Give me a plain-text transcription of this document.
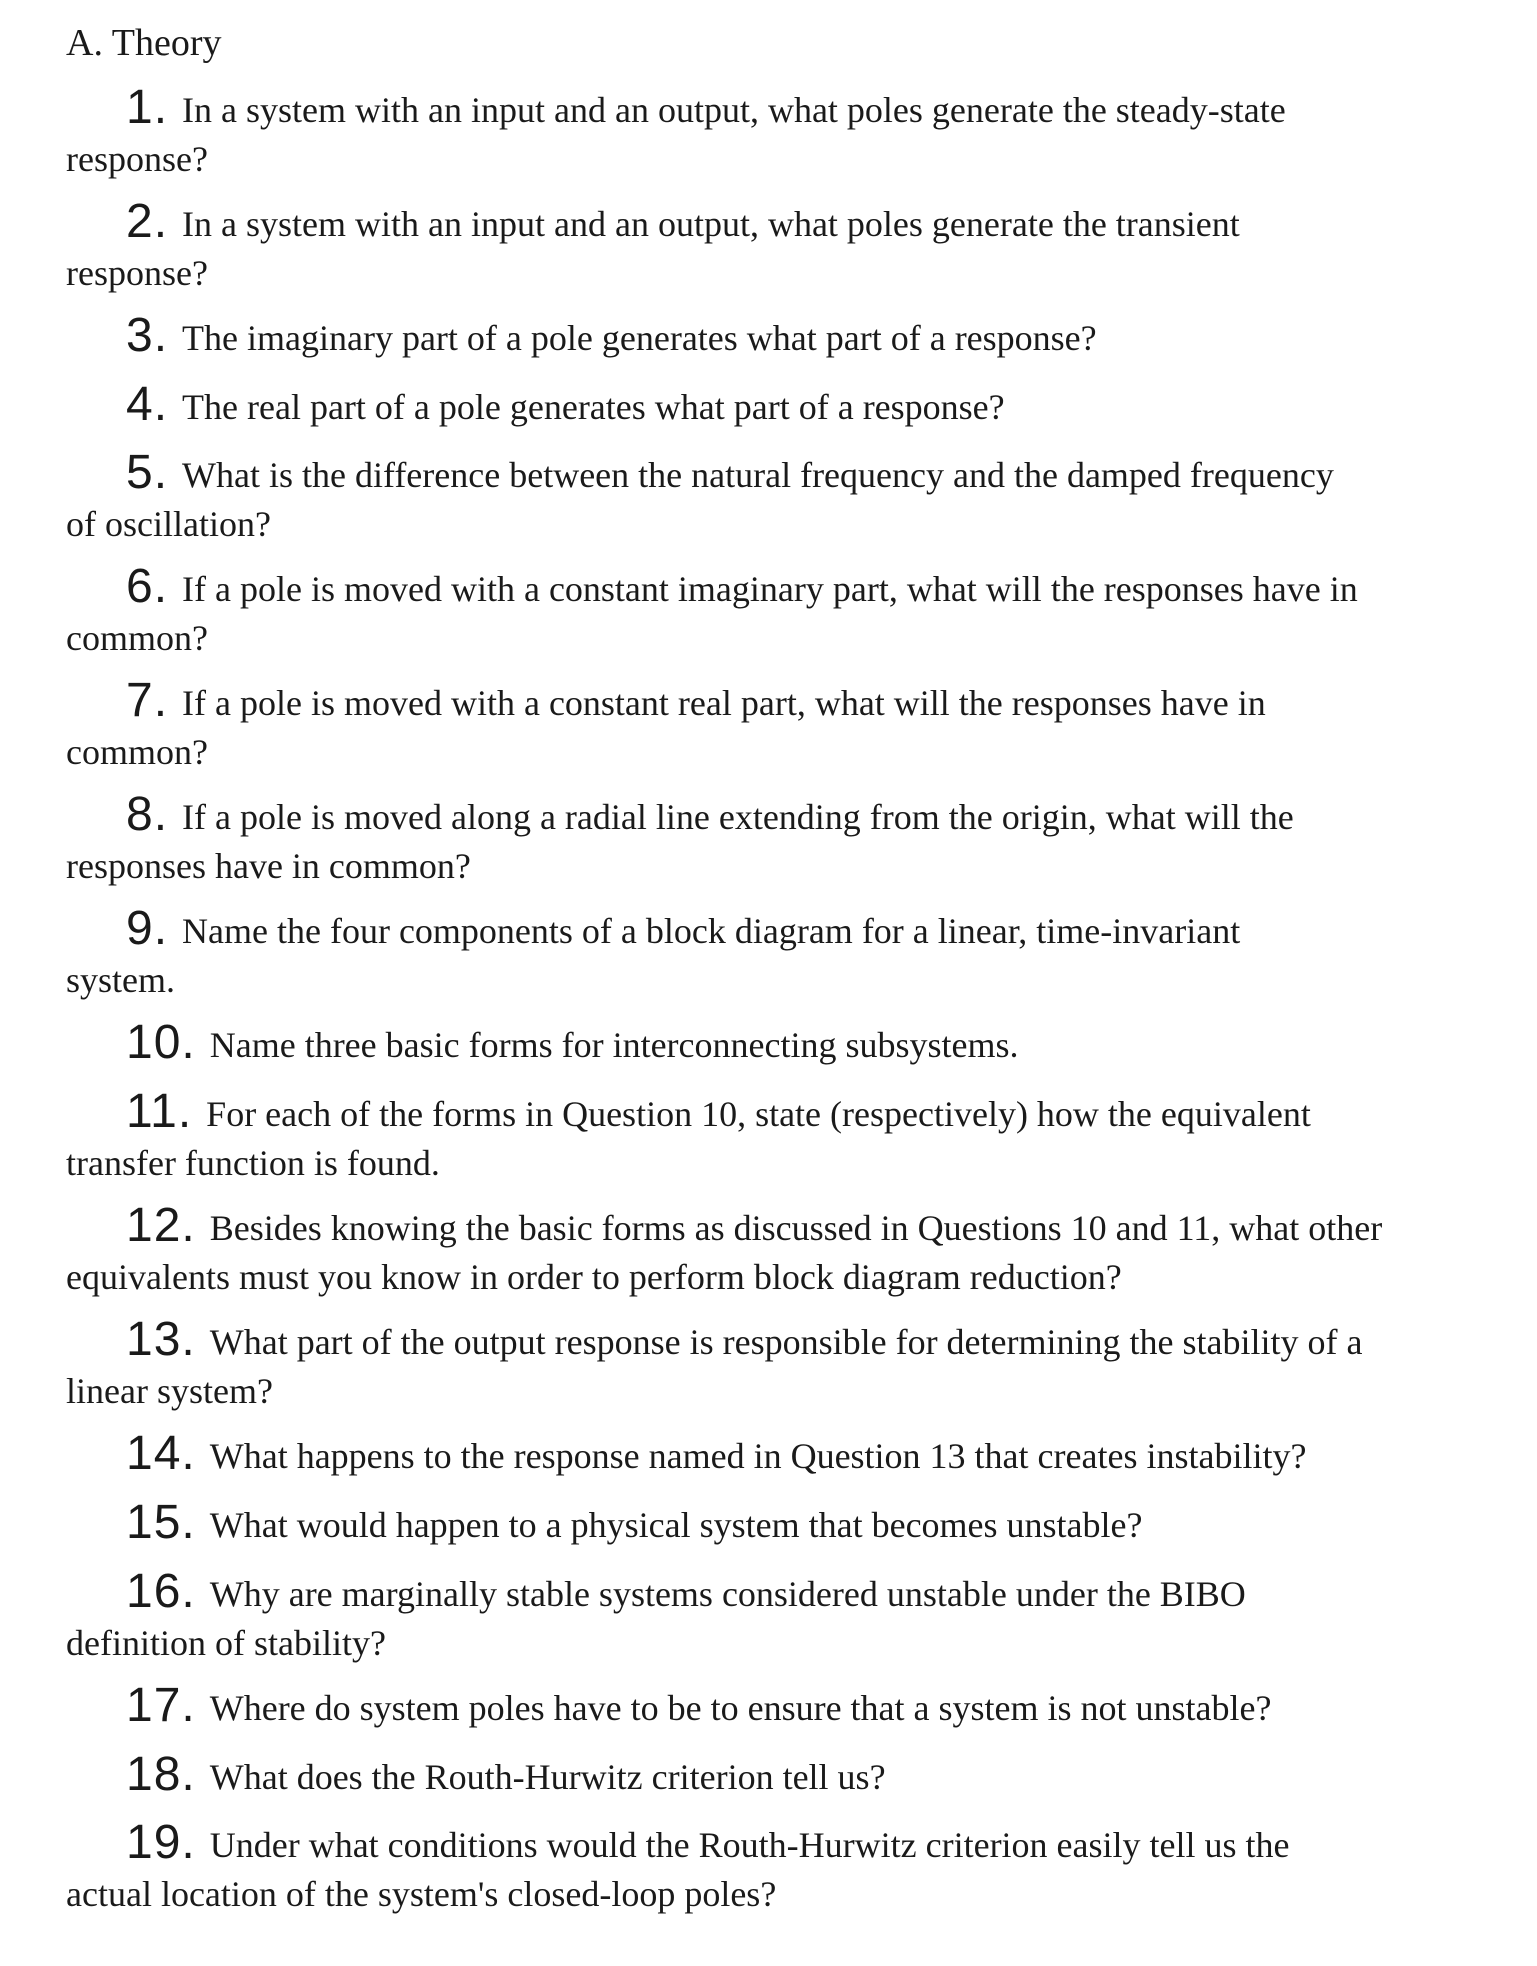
A. Theory
1. In a system with an input and an output, what poles generate the steady-state
response?
2. In a system with an input and an output, what poles generate the transient
response?
3. The imaginary part of a pole generates what part of a response?
4. The real part of a pole generates what part of a response?
5. What is the difference between the natural frequency and the damped frequency
of oscillation?
6. If a pole is moved with a constant imaginary part, what will the responses have in
common?
7. If a pole is moved with a constant real part, what will the responses have in
common?
8. If a pole is moved along a radial line extending from the origin, what will the
responses have in common?
9. Name the four components of a block diagram for a linear, time-invariant
system.
10. Name three basic forms for interconnecting subsystems.
11. For each of the forms in Question 10, state (respectively) how the equivalent
transfer function is found.
12. Besides knowing the basic forms as discussed in Questions 10 and 11, what other
equivalents must you know in order to perform block diagram reduction?
13. What part of the output response is responsible for determining the stability of a
linear system?
14. What happens to the response named in Question 13 that creates instability?
15. What would happen to a physical system that becomes unstable?
16. Why are marginally stable systems considered unstable under the BIBO
definition of stability?
17. Where do system poles have to be to ensure that a system is not unstable?
18. What does the Routh-Hurwitz criterion tell us?
19. Under what conditions would the Routh-Hurwitz criterion easily tell us the
actual location of the system's closed-loop poles?
